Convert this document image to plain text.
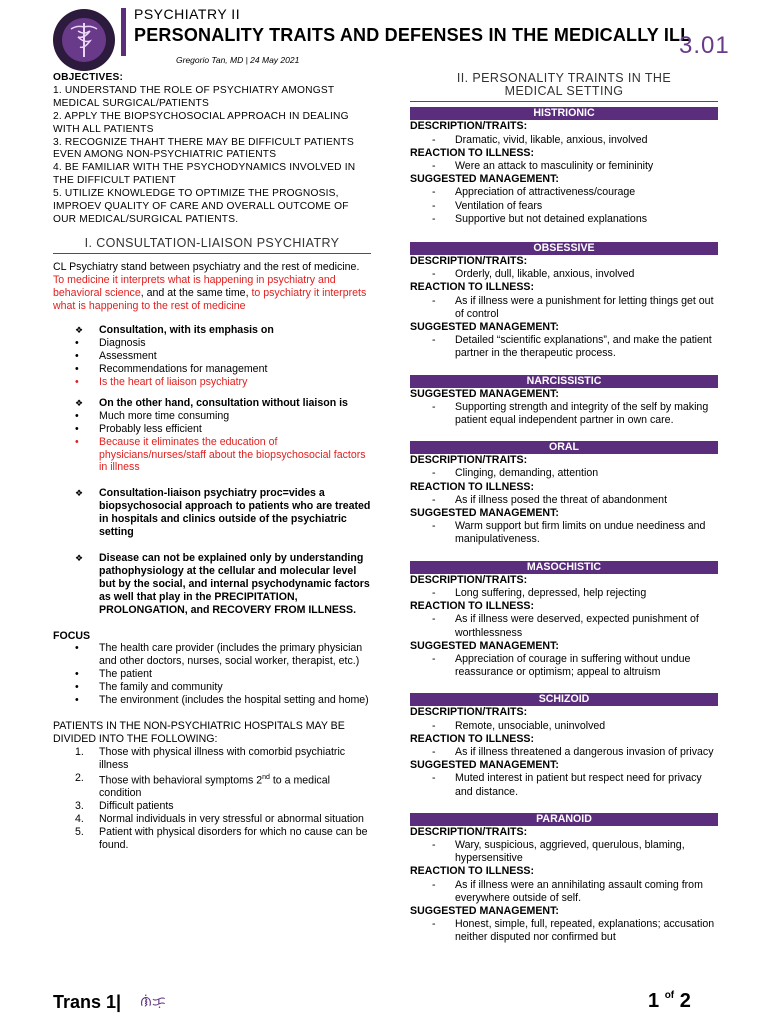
PSYCHIATRY II
PERSONALITY TRAITS AND DEFENSES IN THE MEDICALLY ILL
3.01
Gregorio Tan, MD | 24 May 2021

OBJECTIVES:

1. UNDERSTAND THE ROLE OF PSYCHIATRY AMONGST MEDICAL SURGICAL/PATIENTS

2. APPLY THE BIOPSYCHOSOCIAL APPROACH IN DEALING WITH ALL PATIENTS

3. RECOGNIZE THAHT THERE MAY BE DIFFICULT PATIENTS EVEN AMONG NON-PSYCHIATRIC PATIENTS

4. BE FAMILIAR WITH THE PSYCHODYNAMICS INVOLVED IN THE DIFFICULT PATIENT

5. UTILIZE KNOWLEDGE TO OPTIMIZE THE PROGNOSIS, IMPROEV QUALITY OF CARE AND OVERALL OUTCOME OF OUR MEDICAL/SURGICAL PATIENTS.

I. CONSULTATION-LIAISON PSYCHIATRY

CL Psychiatry stand between psychiatry and the rest of medicine.

To medicine it interprets what is happening in psychiatry and behavioral science, and at the same time, to psychiatry it interprets what is happening to the rest of medicine

❖ Consultation, with its emphasis on
• Diagnosis
• Assessment
• Recommendations for management
• Is the heart of liaison psychiatry
❖ On the other hand, consultation without liaison is
• Much more time consuming
• Probably less efficient
• Because it eliminates the education of physicians/nurses/staff about the biopsychosocial factors in illness
❖ Consultation-liaison psychiatry proc=vides a biopsychosocial approach to patients who are treated in hospitals and clinics outside of the psychiatric setting
❖ Disease can not be explained only by understanding pathophysiology at the cellular and molecular level but by the social, and internal psychodynamic factors as well that play in the PRECIPITATION, PROLONGATION, and RECOVERY FROM ILLNESS.

FOCUS

• The health care provider (includes the primary physician and other doctors, nurses, social worker, therapist, etc.)
• The patient
• The family and community
• The environment (includes the hospital setting and home)

PATIENTS IN THE NON-PSYCHIATRIC HOSPITALS MAY BE DIVIDED INTO THE FOLLOWING:

1. Those with physical illness with comorbid psychiatric illness
2. Those with behavioral symptoms 2nd to a medical condition
3. Difficult patients
4. Normal individuals in very stressful or abnormal situation
5. Patient with physical disorders for which no cause can be found.
II. PERSONALITY TRAINTS IN THE MEDICAL SETTING
HISTRIONIC
DESCRIPTION/TRAITS:
- Dramatic, vivid, likable, anxious, involved
REACTION TO ILLNESS:
- Were an attack to masculinity or femininity
SUGGESTED MANAGEMENT:
- Appreciation of attractiveness/courage
- Ventilation of fears
- Supportive but not detained explanations
OBSESSIVE
DESCRIPTION/TRAITS:
- Orderly, dull, likable, anxious, involved
REACTION TO ILLNESS:
- As if illness were a punishment for letting things get out of control
SUGGESTED MANAGEMENT:
- Detailed “scientific explanations”, and make the patient partner in the therapeutic process.
NARCISSISTIC
SUGGESTED MANAGEMENT:
- Supporting strength and integrity of the self by making patient equal independent partner in own care.
ORAL
DESCRIPTION/TRAITS:
- Clinging, demanding, attention
REACTION TO ILLNESS:
- As if illness posed the threat of abandonment
SUGGESTED MANAGEMENT:
- Warm support but firm limits on undue neediness and manipulativeness.
MASOCHISTIC
DESCRIPTION/TRAITS:
- Long suffering, depressed, help rejecting
REACTION TO ILLNESS:
- As if illness were deserved, expected punishment of worthlessness
SUGGESTED MANAGEMENT:
- Appreciation of courage in suffering without undue reassurance or optimism; appeal to altruism
SCHIZOID
DESCRIPTION/TRAITS:
- Remote, unsociable, uninvolved
REACTION TO ILLNESS:
- As if illness threatened a dangerous invasion of privacy
SUGGESTED MANAGEMENT:
- Muted interest in patient but respect need for privacy and distance.
PARANOID
DESCRIPTION/TRAITS:
- Wary, suspicious, aggrieved, querulous, blaming, hypersensitive
REACTION TO ILLNESS:
- As if illness were an annihilating assault coming from everywhere outside of self.
SUGGESTED MANAGEMENT:
- Honest, simple, full, repeated, explanations; accusation neither disputed nor confirmed but
Trans 1| ᜈᜒᜃᜓ	1 $^{of}$ 2
